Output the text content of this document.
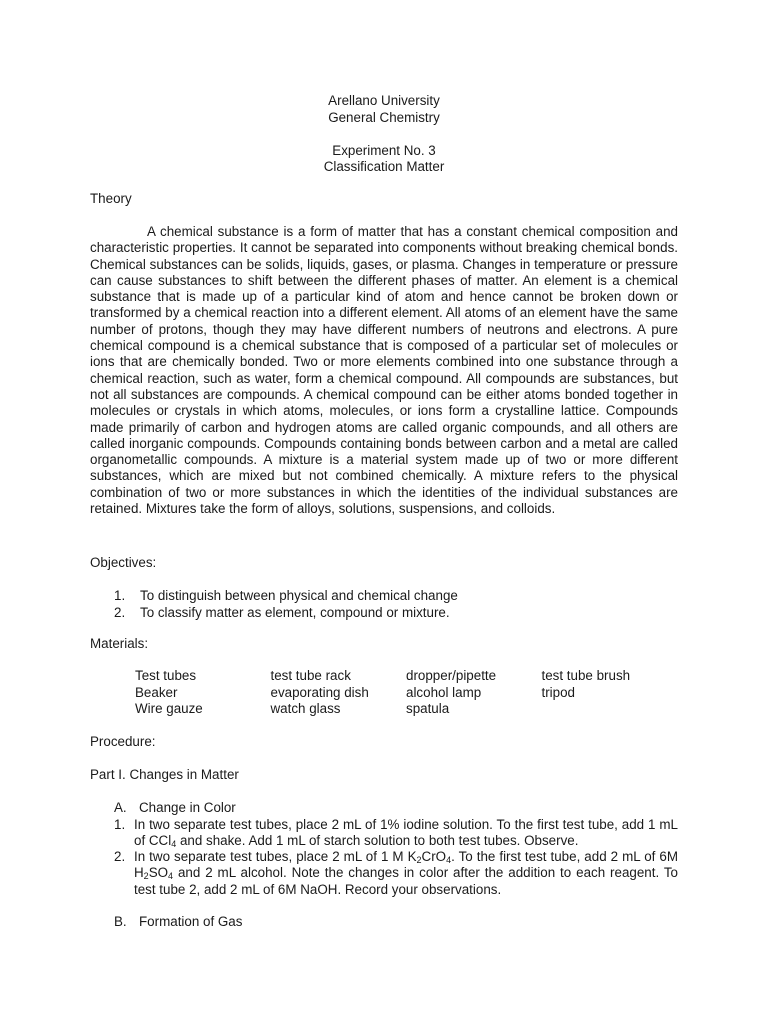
Arellano University
General Chemistry
Experiment No. 3
Classification Matter
Theory
A chemical substance is a form of matter that has a constant chemical composition and characteristic properties. It cannot be separated into components without breaking chemical bonds. Chemical substances can be solids, liquids, gases, or plasma. Changes in temperature or pressure can cause substances to shift between the different phases of matter. An element is a chemical substance that is made up of a particular kind of atom and hence cannot be broken down or transformed by a chemical reaction into a different element. All atoms of an element have the same number of protons, though they may have different numbers of neutrons and electrons. A pure chemical compound is a chemical substance that is composed of a particular set of molecules or ions that are chemically bonded. Two or more elements combined into one substance through a chemical reaction, such as water, form a chemical compound. All compounds are substances, but not all substances are compounds. A chemical compound can be either atoms bonded together in molecules or crystals in which atoms, molecules, or ions form a crystalline lattice. Compounds made primarily of carbon and hydrogen atoms are called organic compounds, and all others are called inorganic compounds. Compounds containing bonds between carbon and a metal are called organometallic compounds. A mixture is a material system made up of two or more different substances, which are mixed but not combined chemically. A mixture refers to the physical combination of two or more substances in which the identities of the individual substances are retained. Mixtures take the form of alloys, solutions, suspensions, and colloids.
Objectives:
1. To distinguish between physical and chemical change
2. To classify matter as element, compound or mixture.
Materials:
Test tubes	test tube rack	dropper/pipette	test tube brush
Beaker	evaporating dish	alcohol lamp	tripod
Wire gauze	watch glass	spatula
Procedure:
Part I. Changes in Matter
A. Change in Color
1. In two separate test tubes, place 2 mL of 1% iodine solution. To the first test tube, add 1 mL of CCl$_4$ and shake. Add 1 mL of starch solution to both test tubes. Observe.
2. In two separate test tubes, place 2 mL of 1 M $K_2CrO_4$. To the first test tube, add 2 mL of 6M $H_2SO_4$ and 2 mL alcohol. Note the changes in color after the addition to each reagent. To test tube 2, add 2 mL of 6M NaOH. Record your observations.
B. Formation of Gas
